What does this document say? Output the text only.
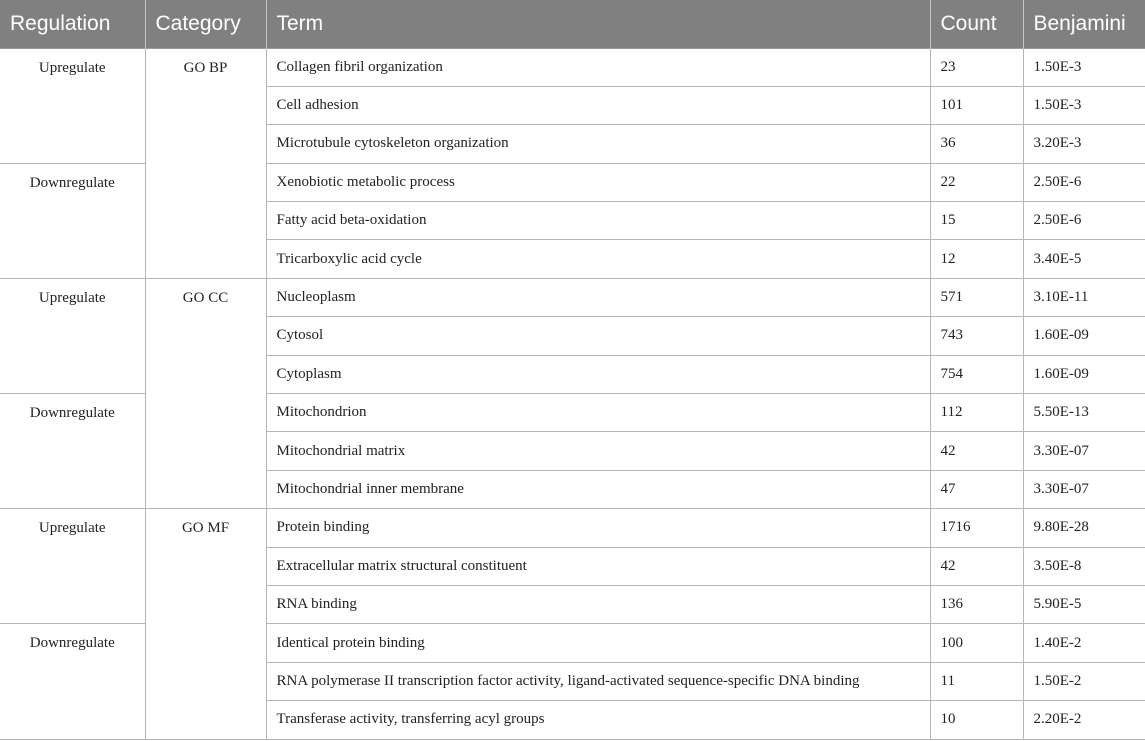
Regulation	Category	Term	Count	Benjamini
Upregulate	GO BP	Collagen fibril organization	23	1.50E-3
		Cell adhesion	101	1.50E-3
		Microtubule cytoskeleton organization	36	3.20E-3
Downregulate		Xenobiotic metabolic process	22	2.50E-6
		Fatty acid beta-oxidation	15	2.50E-6
		Tricarboxylic acid cycle	12	3.40E-5
Upregulate	GO CC	Nucleoplasm	571	3.10E-11
		Cytosol	743	1.60E-09
		Cytoplasm	754	1.60E-09
Downregulate		Mitochondrion	112	5.50E-13
		Mitochondrial matrix	42	3.30E-07
		Mitochondrial inner membrane	47	3.30E-07
Upregulate	GO MF	Protein binding	1716	9.80E-28
		Extracellular matrix structural constituent	42	3.50E-8
		RNA binding	136	5.90E-5
Downregulate		Identical protein binding	100	1.40E-2
		RNA polymerase II transcription factor activity, ligand-activated sequence-specific DNA binding	11	1.50E-2
		Transferase activity, transferring acyl groups	10	2.20E-2
